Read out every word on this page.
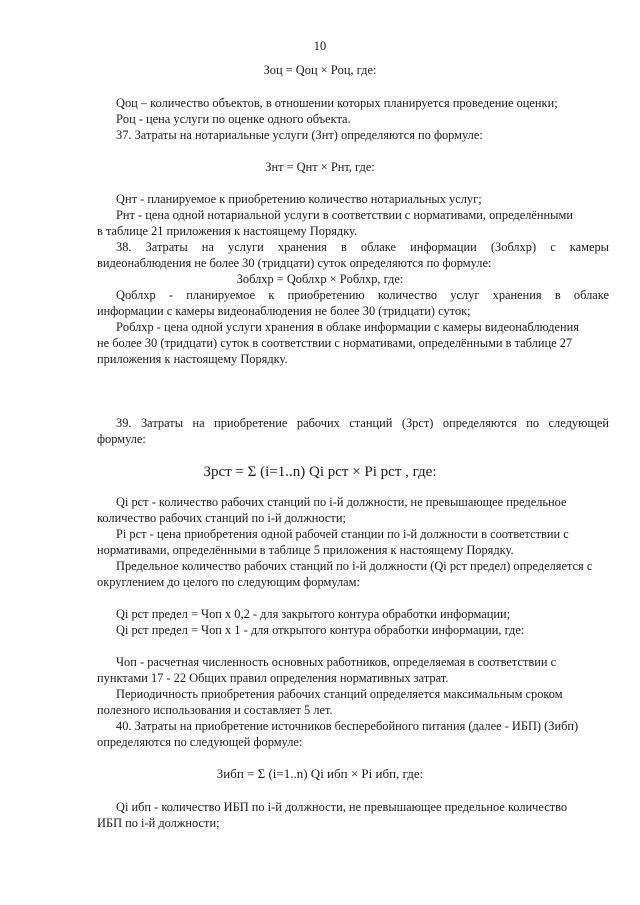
10
Зоц = Qоц × Pоц, где:
Qоц – количество объектов, в отношении которых планируется проведение оценки;
Pоц - цена услуги по оценке одного объекта.
37. Затраты на нотариальные услуги (Знт) определяются по формуле:
Знт = Qнт × Pнт, где:
Qнт - планируемое к приобретению количество нотариальных услуг;
Pнт - цена одной нотариальной услуги в соответствии с нормативами, определёнными
в таблице 21 приложения к настоящему Порядку.
38. Затраты на услуги хранения в облаке информации (Зоблхр) с камеры
видеонаблюдения не более 30 (тридцати) суток определяются по формуле:
Зоблхр = Qоблхр × Pоблхр, где:
Qоблхр - планируемое к приобретению количество услуг хранения в облаке
информации с камеры видеонаблюдения не более 30 (тридцати) суток;
Pоблхр - цена одной услуги хранения в облаке информации с камеры видеонаблюдения
не более 30 (тридцати) суток в соответствии с нормативами, определёнными в таблице 27
приложения к настоящему Порядку.
39. Затраты на приобретение рабочих станций (Зрст) определяются по следующей
формуле:
Зрст = Σ (i=1..n) Qi рст × Pi рст , где:
Qi рст - количество рабочих станций по i-й должности, не превышающее предельное
количество рабочих станций по i-й должности;
Pi рст - цена приобретения одной рабочей станции по i-й должности в соответствии с
нормативами, определёнными в таблице 5 приложения к настоящему Порядку.
Предельное количество рабочих станций по i-й должности (Qi рст предел) определяется с
округлением до целого по следующим формулам:
Qi рст предел = Чоп х 0,2 - для закрытого контура обработки информации;
Qi рст предел = Чоп х 1 - для открытого контура обработки информации, где:
Чоп - расчетная численность основных работников, определяемая в соответствии с
пунктами 17 - 22 Общих правил определения нормативных затрат.
Периодичность приобретения рабочих станций определяется максимальным сроком
полезного использования и составляет 5 лет.
40. Затраты на приобретение источников бесперебойного питания (далее - ИБП) (Зибп)
определяются по следующей формуле:
Зибп = Σ (i=1..n) Qi ибп × Pi ибп, где:
Qi ибп - количество ИБП по i-й должности, не превышающее предельное количество
ИБП по i-й должности;
